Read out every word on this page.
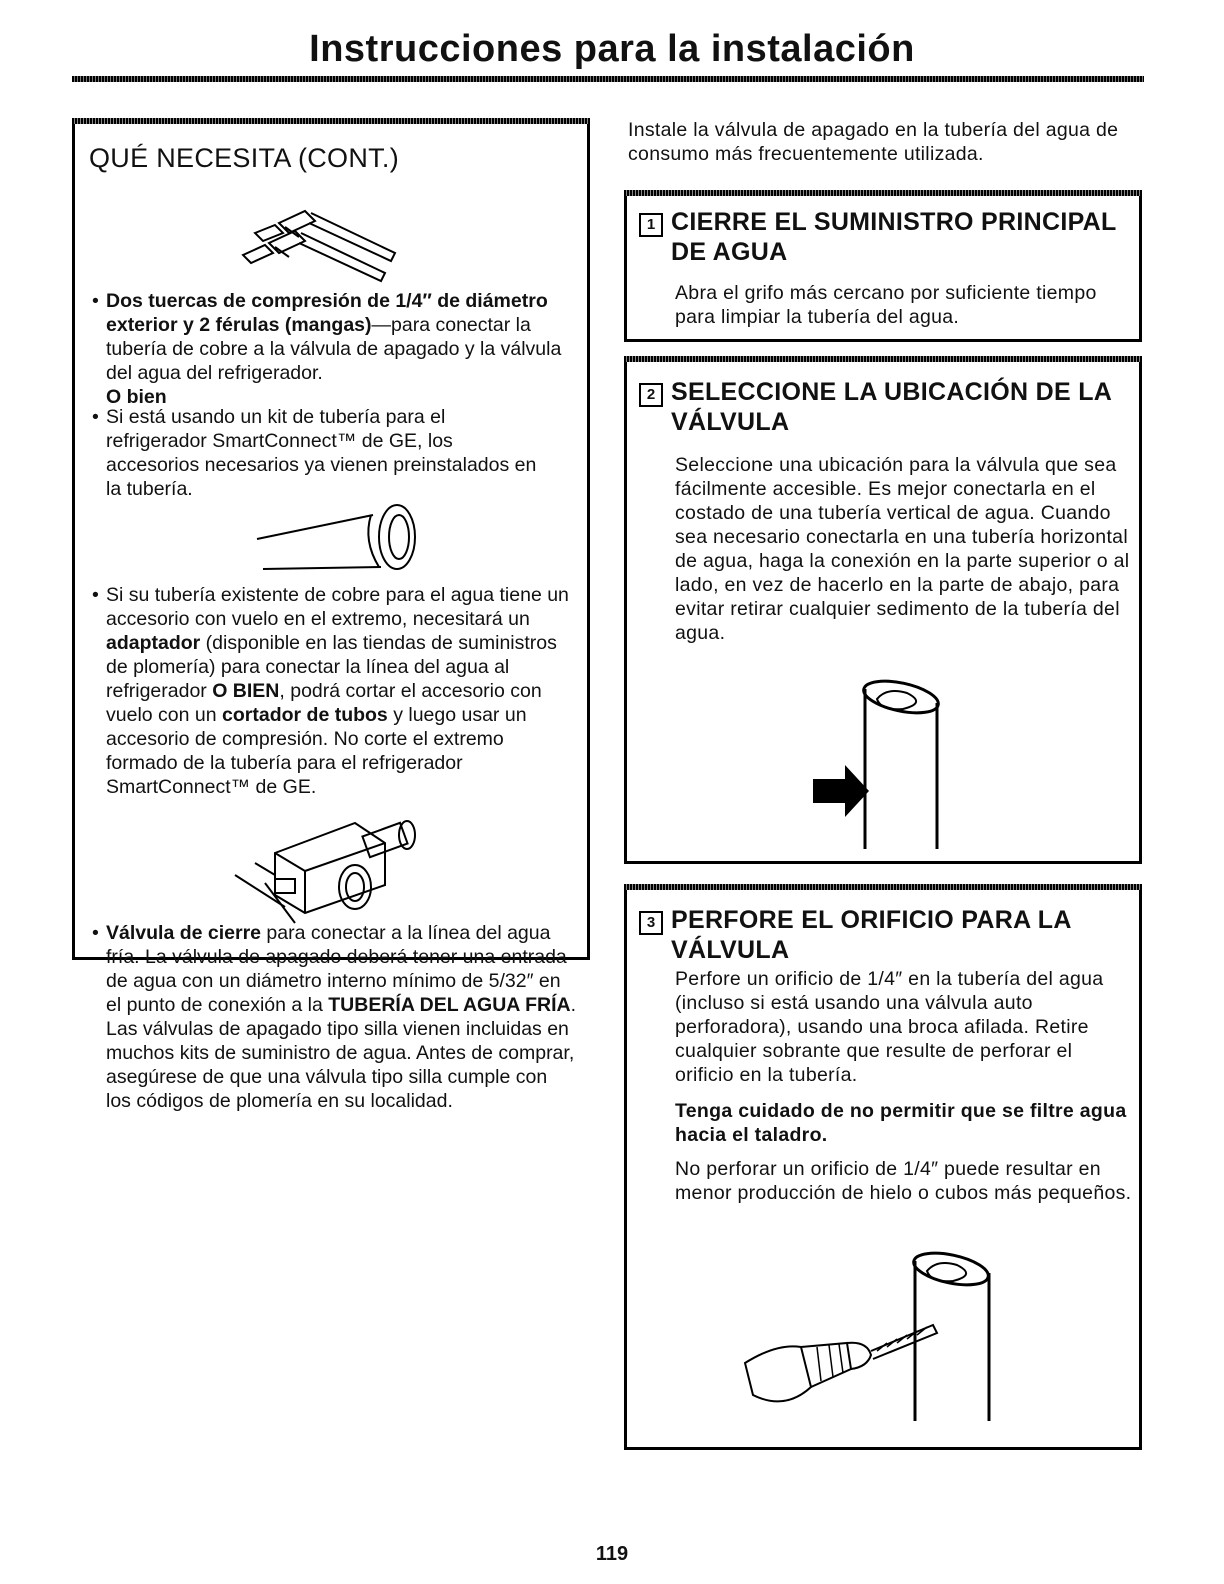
Instrucciones para la instalación
QUÉ NECESITA (CONT.)
• Dos tuercas de compresión de 1/4″ de diámetro exterior y 2 férulas (mangas)—para conectar la tubería de cobre a la válvula de apagado y la válvula del agua del refrigerador.
O bien
• Si está usando un kit de tubería para el refrigerador SmartConnect™ de GE, los accesorios necesarios ya vienen preinstalados en la tubería.
• Si su tubería existente de cobre para el agua tiene un accesorio con vuelo en el extremo, necesitará un adaptador (disponible en las tiendas de suministros de plomería) para conectar la línea del agua al refrigerador O BIEN, podrá cortar el accesorio con vuelo con un cortador de tubos y luego usar un accesorio de compresión. No corte el extremo formado de la tubería para el refrigerador SmartConnect™ de GE.
• Válvula de cierre para conectar a la línea del agua fría. La válvula de apagado deberá tener una entrada de agua con un diámetro interno mínimo de 5/32″ en el punto de conexión a la TUBERÍA DEL AGUA FRÍA. Las válvulas de apagado tipo silla vienen incluidas en muchos kits de suministro de agua. Antes de comprar, asegúrese de que una válvula tipo silla cumple con los códigos de plomería en su localidad.

Instale la válvula de apagado en la tubería del agua de consumo más frecuentemente utilizada.

1 CIERRE EL SUMINISTRO PRINCIPAL DE AGUA

Abra el grifo más cercano por suficiente tiempo para limpiar la tubería del agua.

2 SELECCIONE LA UBICACIÓN DE LA VÁLVULA

Seleccione una ubicación para la válvula que sea fácilmente accesible. Es mejor conectarla en el costado de una tubería vertical de agua. Cuando sea necesario conectarla en una tubería horizontal de agua, haga la conexión en la parte superior o al lado, en vez de hacerlo en la parte de abajo, para evitar retirar cualquier sedimento de la tubería del agua.

3 PERFORE EL ORIFICIO PARA LA VÁLVULA

Perfore un orificio de 1/4″ en la tubería del agua (incluso si está usando una válvula auto perforadora), usando una broca afilada. Retire cualquier sobrante que resulte de perforar el orificio en la tubería.

Tenga cuidado de no permitir que se filtre agua hacia el taladro.

No perforar un orificio de 1/4″ puede resultar en menor producción de hielo o cubos más pequeños.

119
